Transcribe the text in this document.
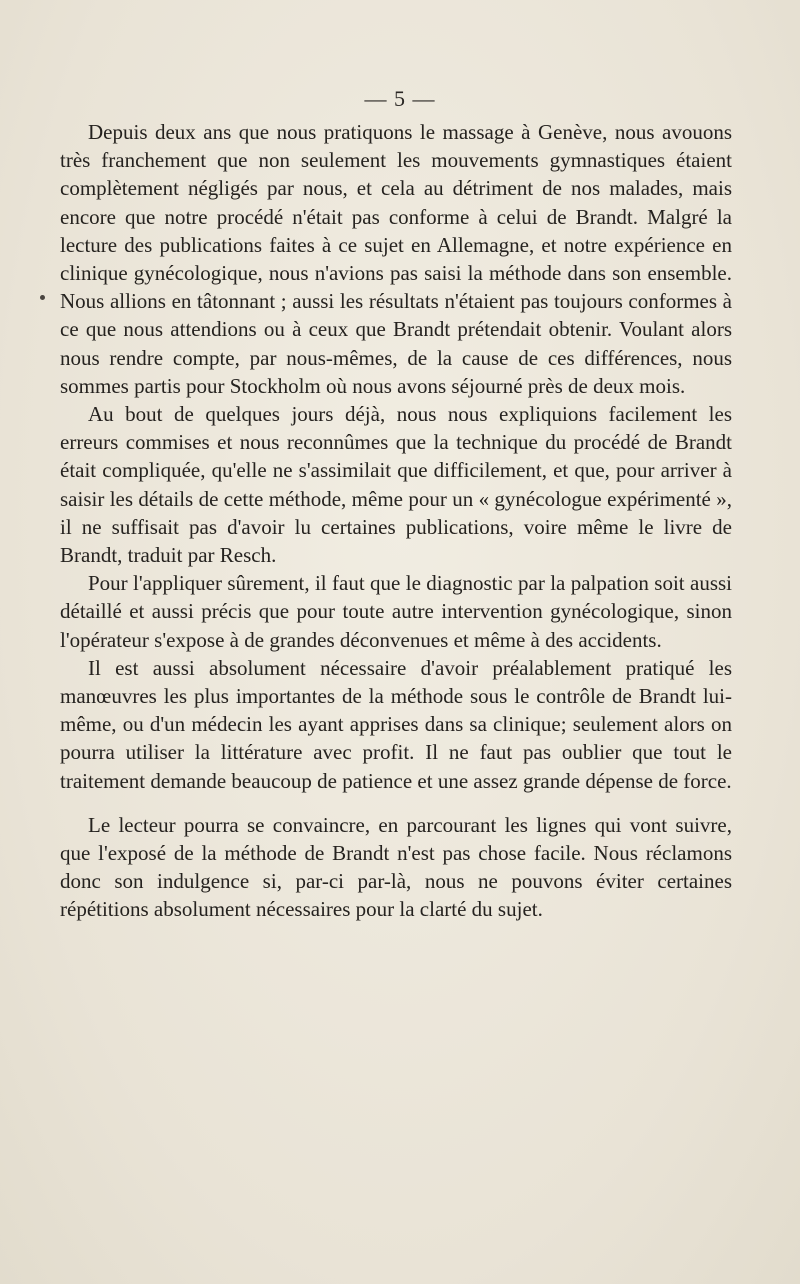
— 5 —

Depuis deux ans que nous pratiquons le massage à Genève, nous avouons très franchement que non seulement les mouvements gymnastiques étaient complètement négligés par nous, et cela au détriment de nos malades, mais encore que notre procédé n'était pas conforme à celui de Brandt. Malgré la lecture des publications faites à ce sujet en Allemagne, et notre expérience en clinique gynécologique, nous n'avions pas saisi la méthode dans son ensemble. Nous allions en tâtonnant ; aussi les résultats n'étaient pas toujours conformes à ce que nous attendions ou à ceux que Brandt prétendait obtenir. Voulant alors nous rendre compte, par nous-mêmes, de la cause de ces différences, nous sommes partis pour Stockholm où nous avons séjourné près de deux mois.

Au bout de quelques jours déjà, nous nous expliquions facilement les erreurs commises et nous reconnûmes que la technique du procédé de Brandt était compliquée, qu'elle ne s'assimilait que difficilement, et que, pour arriver à saisir les détails de cette méthode, même pour un « gynécologue expérimenté », il ne suffisait pas d'avoir lu certaines publications, voire même le livre de Brandt, traduit par Resch.

Pour l'appliquer sûrement, il faut que le diagnostic par la palpation soit aussi détaillé et aussi précis que pour toute autre intervention gynécologique, sinon l'opérateur s'expose à de grandes déconvenues et même à des accidents.

Il est aussi absolument nécessaire d'avoir préalablement pratiqué les manœuvres les plus importantes de la méthode sous le contrôle de Brandt lui-même, ou d'un médecin les ayant apprises dans sa clinique; seulement alors on pourra utiliser la littérature avec profit. Il ne faut pas oublier que tout le traitement demande beaucoup de patience et une assez grande dépense de force.

Le lecteur pourra se convaincre, en parcourant les lignes qui vont suivre, que l'exposé de la méthode de Brandt n'est pas chose facile. Nous réclamons donc son indulgence si, par-ci par-là, nous ne pouvons éviter certaines répétitions absolument nécessaires pour la clarté du sujet.
